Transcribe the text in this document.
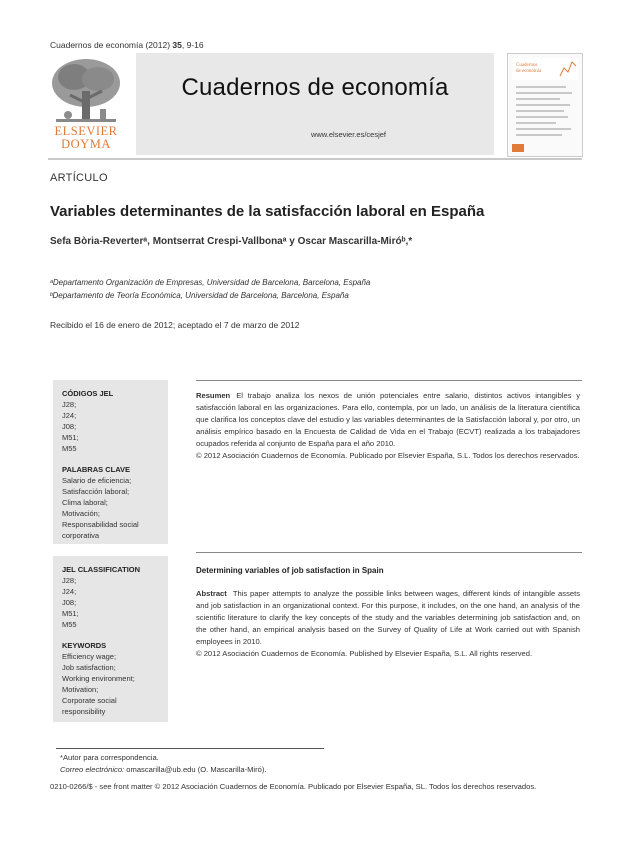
Cuadernos de economía (2012) 35, 9-16
ELSEVIER
DOYMA
Cuadernos de economía
www.elsevier.es/cesjef
Cuadernos
de economía
ARTÍCULO
Variables determinantes de la satisfacción laboral en España
Sefa Bòria-Reverterᵃ, Montserrat Crespi-Vallbonaᵃ y Oscar Mascarilla-Miróᵇ,*
ᵃDepartamento Organización de Empresas, Universidad de Barcelona, Barcelona, España
ᵇDepartamento de Teoría Económica, Universidad de Barcelona, Barcelona, España
Recibido el 16 de enero de 2012; aceptado el 7 de marzo de 2012
CÓDIGOS JEL
J28;
J24;
J08;
M51;
M55
PALABRAS CLAVE
Salario de eficiencia;
Satisfacción laboral;
Clima laboral;
Motivación;
Responsabilidad social
corporativa
JEL CLASSIFICATION
J28;
J24;
J08;
M51;
M55
KEYWORDS
Efficiency wage;
Job satisfaction;
Working environment;
Motivation;
Corporate social
responsibility
Resumen El trabajo analiza los nexos de unión potenciales entre salario, distintos activos intangibles y satisfacción laboral en las organizaciones. Para ello, contempla, por un lado, un análisis de la literatura científica que clarifica los conceptos clave del estudio y las variables determinantes de la Satisfacción laboral y, por otro, un análisis empírico basado en la Encuesta de Calidad de Vida en el Trabajo (ECVT) realizada a los trabajadores ocupados referida al conjunto de España para el año 2010.
© 2012 Asociación Cuadernos de Economía. Publicado por Elsevier España, S.L. Todos los derechos reservados.
Determining variables of job satisfaction in Spain
Abstract This paper attempts to analyze the possible links between wages, different kinds of intangible assets and job satisfaction in an organizational context. For this purpose, it includes, on the one hand, an analysis of the scientific literature to clarify the key concepts of the study and the variables determining job satisfaction and, on the other hand, an empirical analysis based on the Survey of Quality of Life at Work carried out with Spanish employees in 2010.
© 2012 Asociación Cuadernos de Economía. Published by Elsevier España, S.L. All rights reserved.
*Autor para correspondencia.
Correo electrónico: omascarilla@ub.edu (O. Mascarilla-Miró).
0210-0266/$ - see front matter © 2012 Asociación Cuadernos de Economía. Publicado por Elsevier España, SL. Todos los derechos reservados.
